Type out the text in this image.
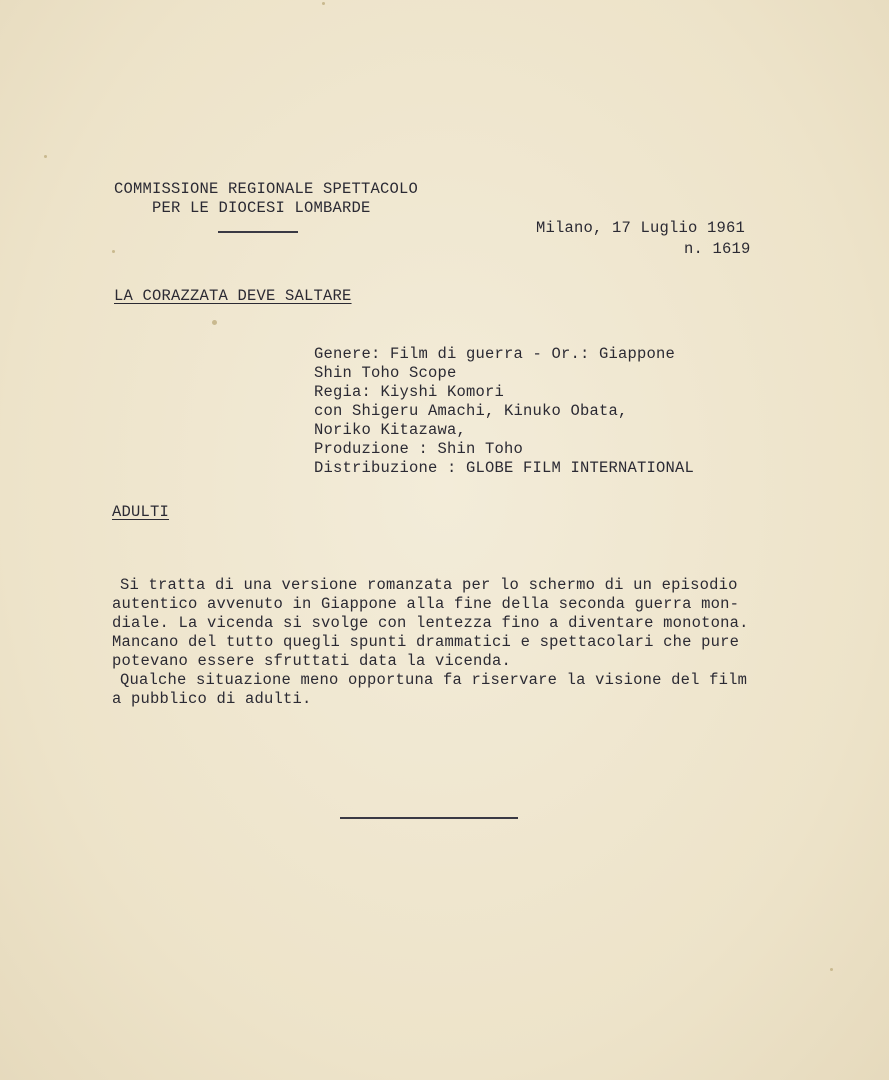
COMMISSIONE REGIONALE SPETTACOLO
PER LE DIOCESI LOMBARDE
Milano, 17 Luglio 1961
n. 1619
LA CORAZZATA DEVE SALTARE
Genere: Film di guerra - Or.: Giappone
Shin Toho Scope
Regia: Kiyshi Komori
con Shigeru Amachi, Kinuko Obata,
Noriko Kitazawa,
Produzione : Shin Toho
Distribuzione : GLOBE FILM INTERNATIONAL
ADULTI
Si tratta di una versione romanzata per lo schermo di un episodio
autentico avvenuto in Giappone alla fine della seconda guerra mon-
diale. La vicenda si svolge con lentezza fino a diventare monotona.
Mancano del tutto quegli spunti drammatici e spettacolari che pure
potevano essere sfruttati data la vicenda.
Qualche situazione meno opportuna fa riservare la visione del film
a pubblico di adulti.
